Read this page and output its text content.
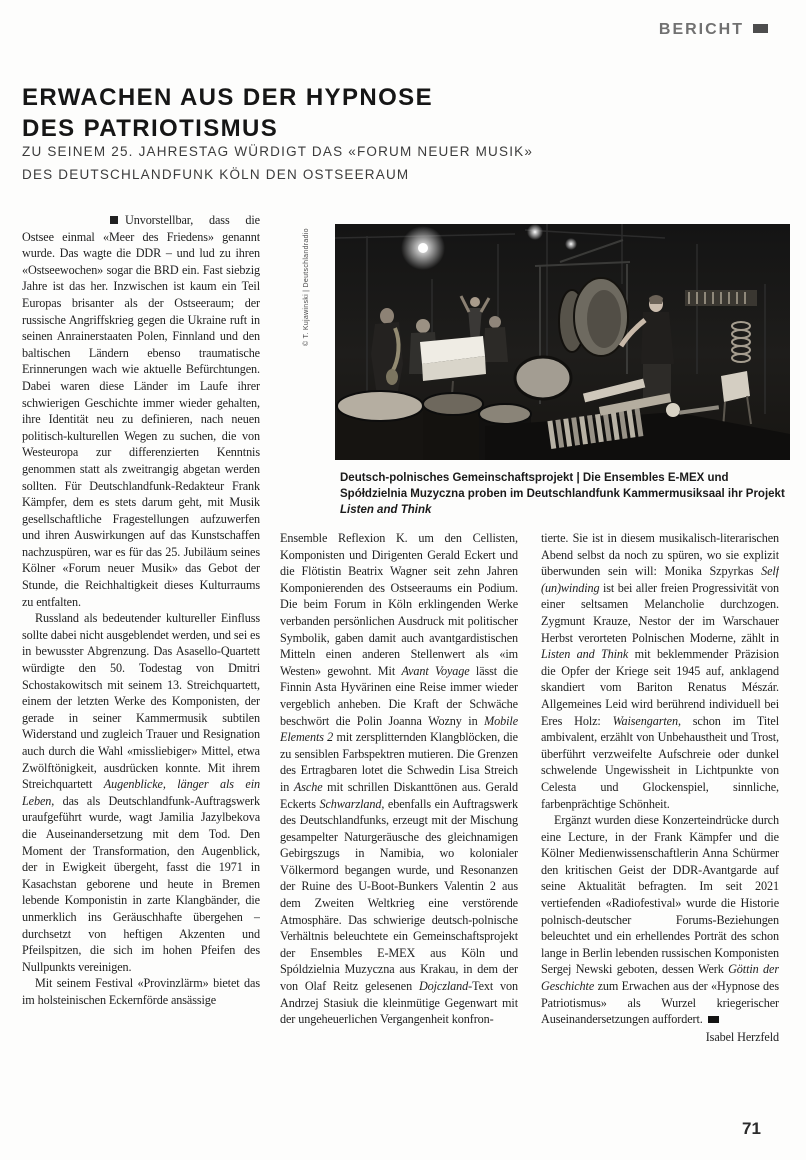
BERICHT
ERWACHEN AUS DER HYPNOSE
DES PATRIOTISMUS
ZU SEINEM 25. JAHRESTAG WÜRDIGT DAS «FORUM NEUER MUSIK»
DES DEUTSCHLANDFUNK KÖLN DEN OSTSEERAUM
© T. Kujawinski | Deutschlandradio
Deutsch-polnisches Gemeinschaftsprojekt | Die Ensembles E-MEX und Spółdzielnia Muzyczna proben im Deutschlandfunk Kammermusiksaal ihr Projekt Listen and Think

Unvorstellbar, dass die Ostsee einmal «Meer des Friedens» genannt wurde. Das wagte die DDR – und lud zu ihren «Ostseewochen» sogar die BRD ein. Fast siebzig Jahre ist das her. Inzwischen ist kaum ein Teil Europas brisanter als der Ostseeraum; der russische Angriffskrieg gegen die Ukraine ruft in seinen Anrainerstaaten Polen, Finnland und den baltischen Ländern ebenso traumatische Erinnerungen wach wie aktuelle Befürchtungen. Dabei waren diese Länder im Laufe ihrer schwierigen Geschichte immer wieder gehalten, ihre Identität neu zu definieren, nach neuen politisch-kulturellen Wegen zu suchen, die von Westeuropa zur differenzierten Kenntnis genommen statt als zweitrangig abgetan werden sollten. Für Deutschlandfunk-Redakteur Frank Kämpfer, dem es stets darum geht, mit Musik gesellschaftliche Fragestellungen aufzuwerfen und ihren Auswirkungen auf das Kunstschaffen nachzuspüren, war es für das 25. Jubiläum seines Kölner «Forum neuer Musik» das Gebot der Stunde, die Reichhaltigkeit dieses Kulturraums zu entfalten.

Russland als bedeutender kultureller Einfluss sollte dabei nicht ausgeblendet werden, und sei es in bewusster Abgrenzung. Das Asasello-Quartett würdigte den 50. Todestag von Dmitri Schostakowitsch mit seinem 13. Streichquartett, einem der letzten Werke des Komponisten, der gerade in seiner Kammermusik subtilen Widerstand und zugleich Trauer und Resignation auch durch die Wahl «missliebiger» Mittel, etwa Zwölftönigkeit, ausdrücken konnte. Mit ihrem Streichquartett Augenblicke, länger als ein Leben, das als Deutschlandfunk-Auftragswerk uraufgeführt wurde, wagt Jamilia Jazylbekova die Auseinandersetzung mit dem Tod. Den Moment der Transformation, den Augenblick, der in Ewigkeit übergeht, fasst die 1971 in Kasachstan geborene und heute in Bremen lebende Komponistin in zarte Klangbänder, die unmerklich ins Geräuschhafte übergehen – durchsetzt von heftigen Akzenten und Pfeilspitzen, die sich im hohen Pfeifen des Nullpunkts vereinigen.

Mit seinem Festival «Provinzlärm» bietet das im holsteinischen Eckernförde ansässige

Ensemble Reflexion K. um den Cellisten, Komponisten und Dirigenten Gerald Eckert und die Flötistin Beatrix Wagner seit zehn Jahren Komponierenden des Ostseeraums ein Podium. Die beim Forum in Köln erklingenden Werke verbanden persönlichen Ausdruck mit politischer Symbolik, gaben damit auch avantgardistischen Mitteln einen anderen Stellenwert als «im Westen» gewohnt. Mit Avant Voyage lässt die Finnin Asta Hyvärinen eine Reise immer wieder vergeblich anheben. Die Kraft der Schwäche beschwört die Polin Joanna Wozny in Mobile Elements 2 mit zersplitternden Klangblöcken, die zu sensiblen Farbspektren mutieren. Die Grenzen des Ertragbaren lotet die Schwedin Lisa Streich in Asche mit schrillen Diskanttönen aus. Gerald Eckerts Schwarzland, ebenfalls ein Auftragswerk des Deutschlandfunks, erzeugt mit der Mischung gesampelter Naturgeräusche des gleichnamigen Gebirgszugs in Namibia, wo kolonialer Völkermord begangen wurde, und Resonanzen der Ruine des U-Boot-Bunkers Valentin 2 aus dem Zweiten Weltkrieg eine verstörende Atmosphäre. Das schwierige deutsch-polnische Verhältnis beleuchtete ein Gemeinschaftsprojekt der Ensembles E-MEX aus Köln und Spóldzielnia Muzyczna aus Krakau, in dem der von Olaf Reitz gelesenen Dojczland-Text von Andrzej Stasiuk die kleinmütige Gegenwart mit der ungeheuerlichen Vergangenheit konfron-

tierte. Sie ist in diesem musikalisch-literarischen Abend selbst da noch zu spüren, wo sie explizit überwunden sein will: Monika Szpyrkas Self (un)winding ist bei aller freien Progressivität von einer seltsamen Melancholie durchzogen. Zygmunt Krauze, Nestor der im Warschauer Herbst verorteten Polnischen Moderne, zählt in Listen and Think mit beklemmender Präzision die Opfer der Kriege seit 1945 auf, anklagend skandiert vom Bariton Renatus Mészár. Allgemeines Leid wird berührend individuell bei Eres Holz: Waisengarten, schon im Titel ambivalent, erzählt von Unbehaustheit und Trost, überführt verzweifelte Aufschreie oder dunkel schwelende Ungewissheit in Lichtpunkte von Celesta und Glockenspiel, sinnliche, farbenprächtige Schönheit.

Ergänzt wurden diese Konzerteindrücke durch eine Lecture, in der Frank Kämpfer und die Kölner Medienwissenschaftlerin Anna Schürmer den kritischen Geist der DDR-Avantgarde auf seine Aktualität befragten. Im seit 2021 vertiefenden «Radiofestival» wurde die Historie polnisch-deutscher Forums-Beziehungen beleuchtet und ein erhellendes Porträt des schon lange in Berlin lebenden russischen Komponisten Sergej Newski geboten, dessen Werk Göttin der Geschichte zum Erwachen aus der «Hypnose des Patriotismus» als Wurzel kriegerischer Auseinandersetzungen auffordert.

Isabel Herzfeld

71
